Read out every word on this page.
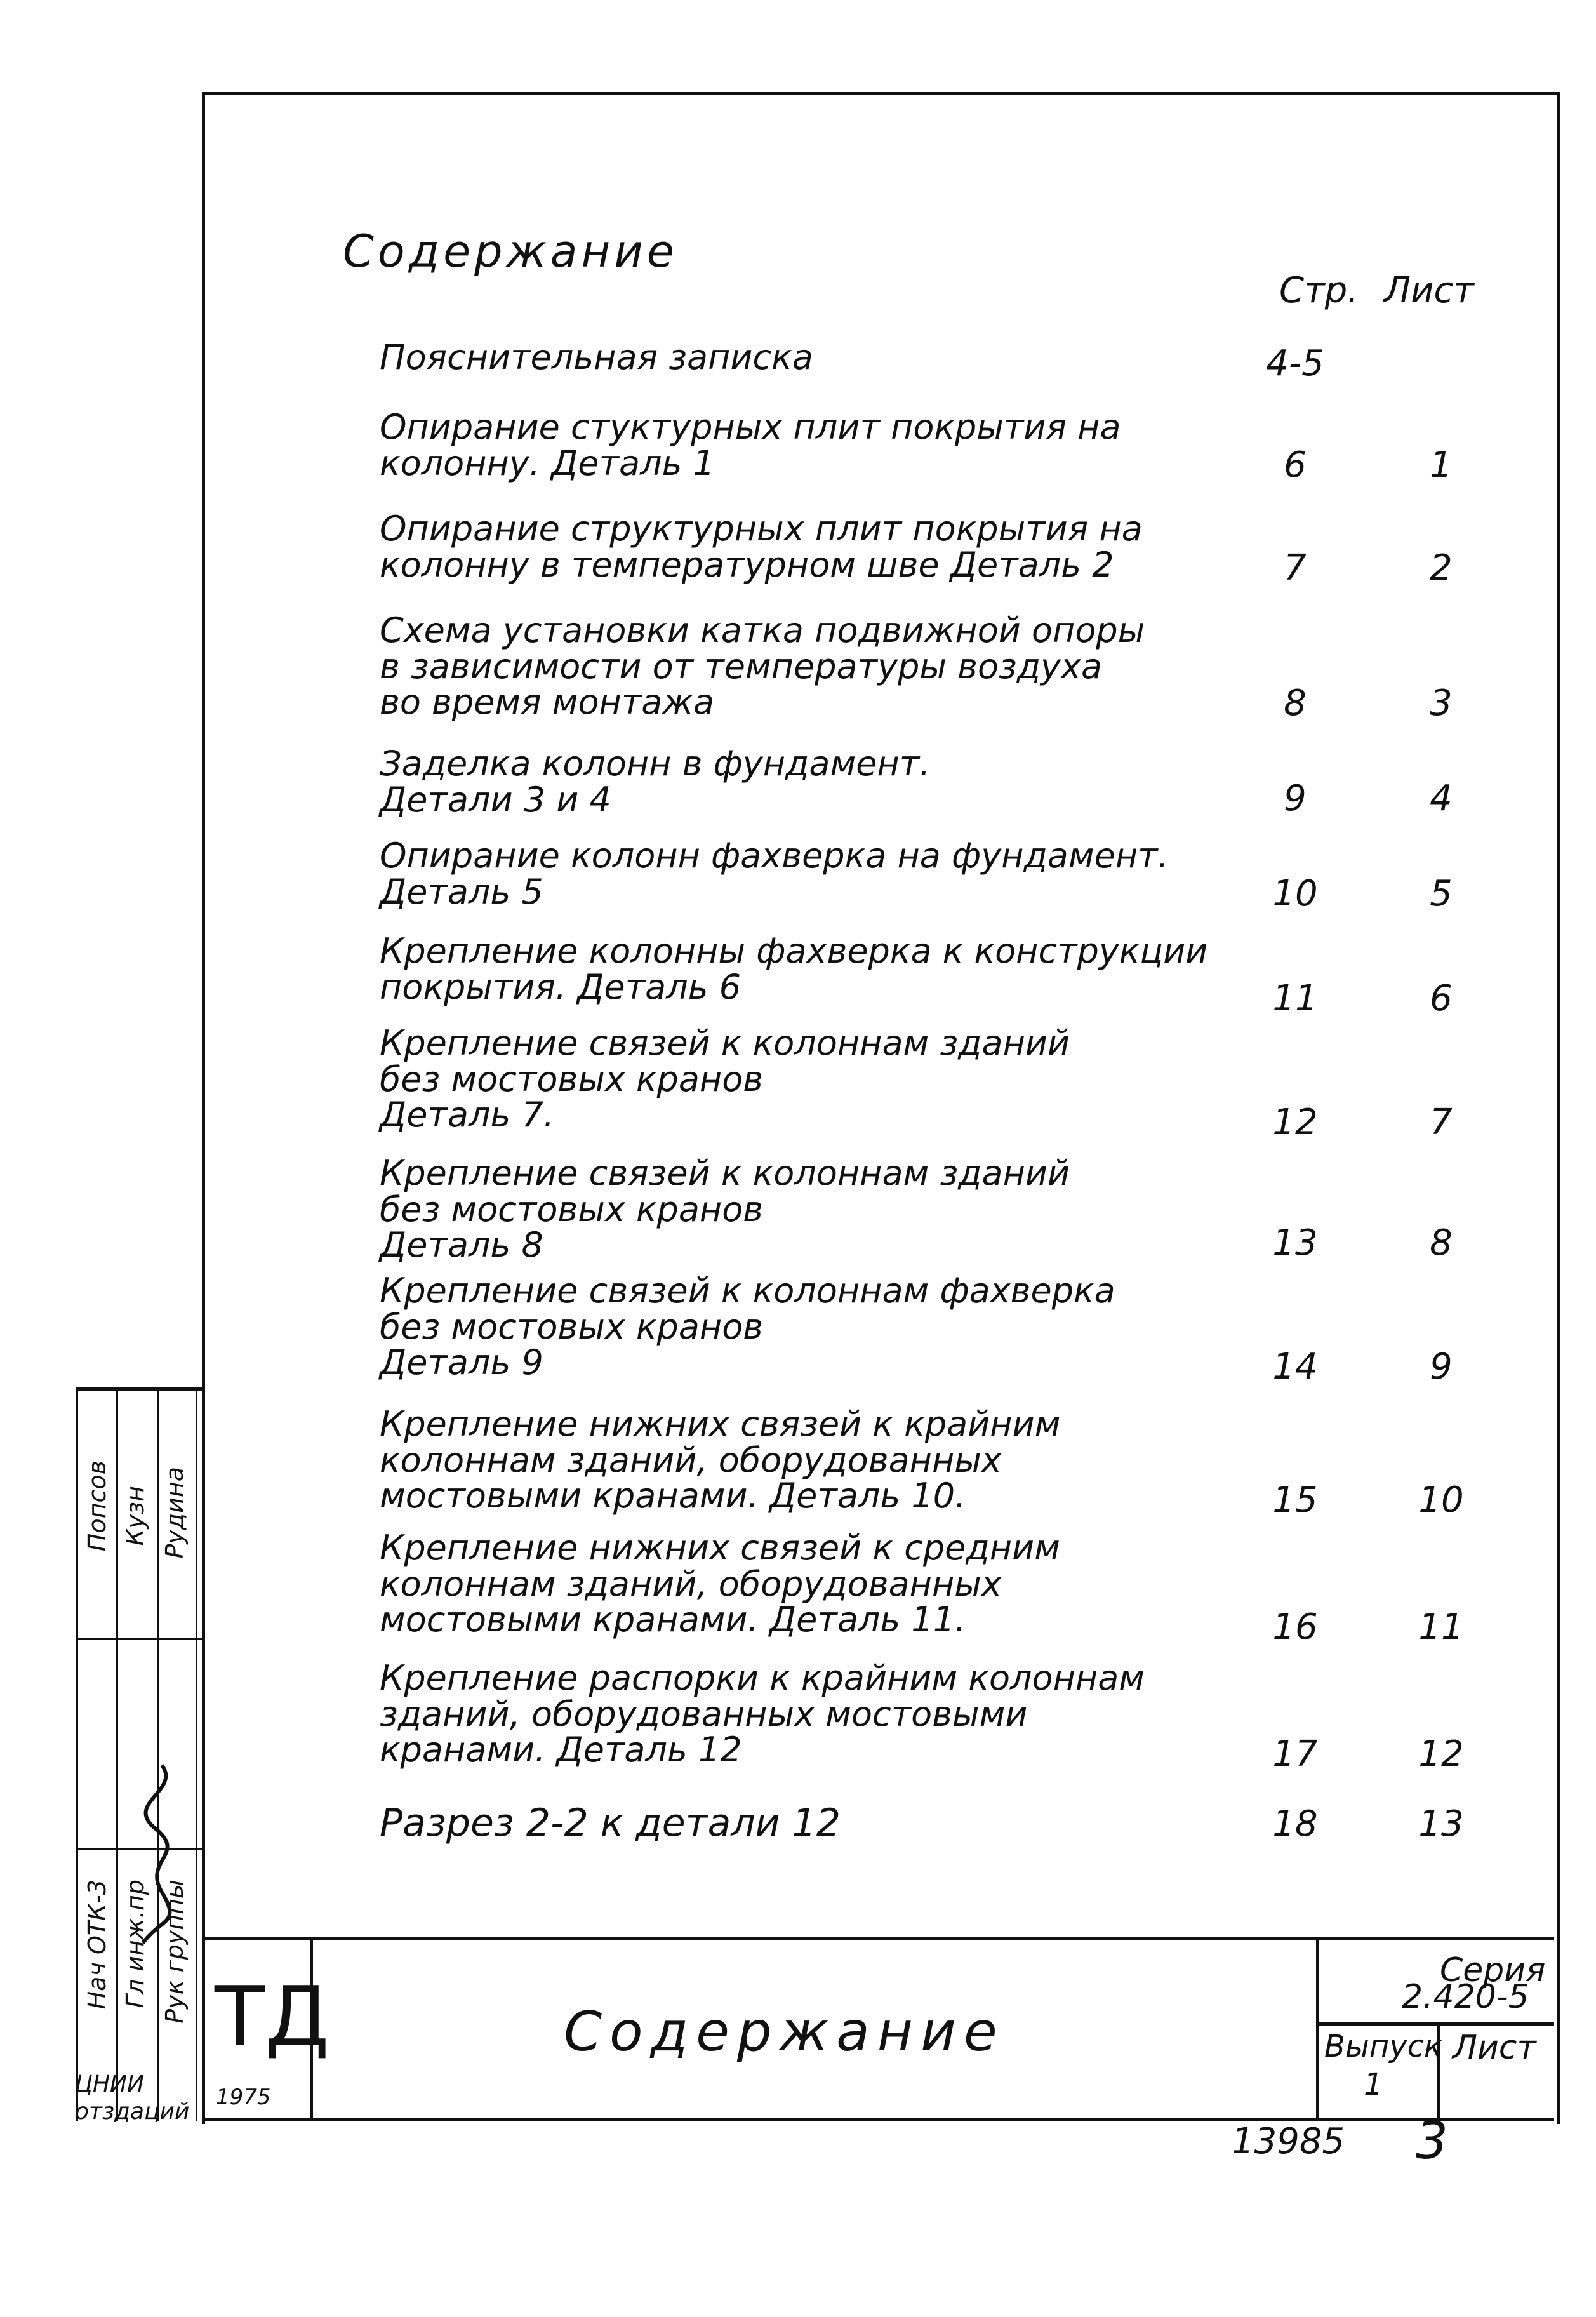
Содержание
Стр. Лист
Пояснительная записка	4-5
Опирание стуктурных плит покрытия на
колонну. Деталь 1	6	1
Опирание структурных плит покрытия на
колонну в температурном шве Деталь 2	7	2
Схема установки катка подвижной опоры
в зависимости от температуры воздуха
во время монтажа	8	3
Заделка колонн в фундамент.
Детали 3 и 4	9	4
Опирание колонн фахверка на фундамент.
Деталь 5	10	5
Крепление колонны фахверка к конструкции
покрытия. Деталь 6	11	6
Крепление связей к колоннам зданий
без мостовых кранов
Деталь 7.	12	7
Крепление связей к колоннам зданий
без мостовых кранов
Деталь 8	13	8
Крепление связей к колоннам фахверка
без мостовых кранов
Деталь 9	14	9
Крепление нижних связей к крайним
колоннам зданий, оборудованных
мостовыми кранами. Деталь 10.	15	10
Крепление нижних связей к средним
колоннам зданий, оборудованных
мостовыми кранами. Деталь 11.	16	11
Крепление распорки к крайним колоннам
зданий, оборудованных мостовыми
кранами. Деталь 12	17	12
Разрез 2-2 к детали 12	18	13
Нач ОТК-3 Гл инж.пр Рук группы
Попсов Кузн Рудина
ЦНИИ
отздаций
ТД
1975
Содержание
Серия
2.420-5
Выпуск
1
Лист
13985 3
